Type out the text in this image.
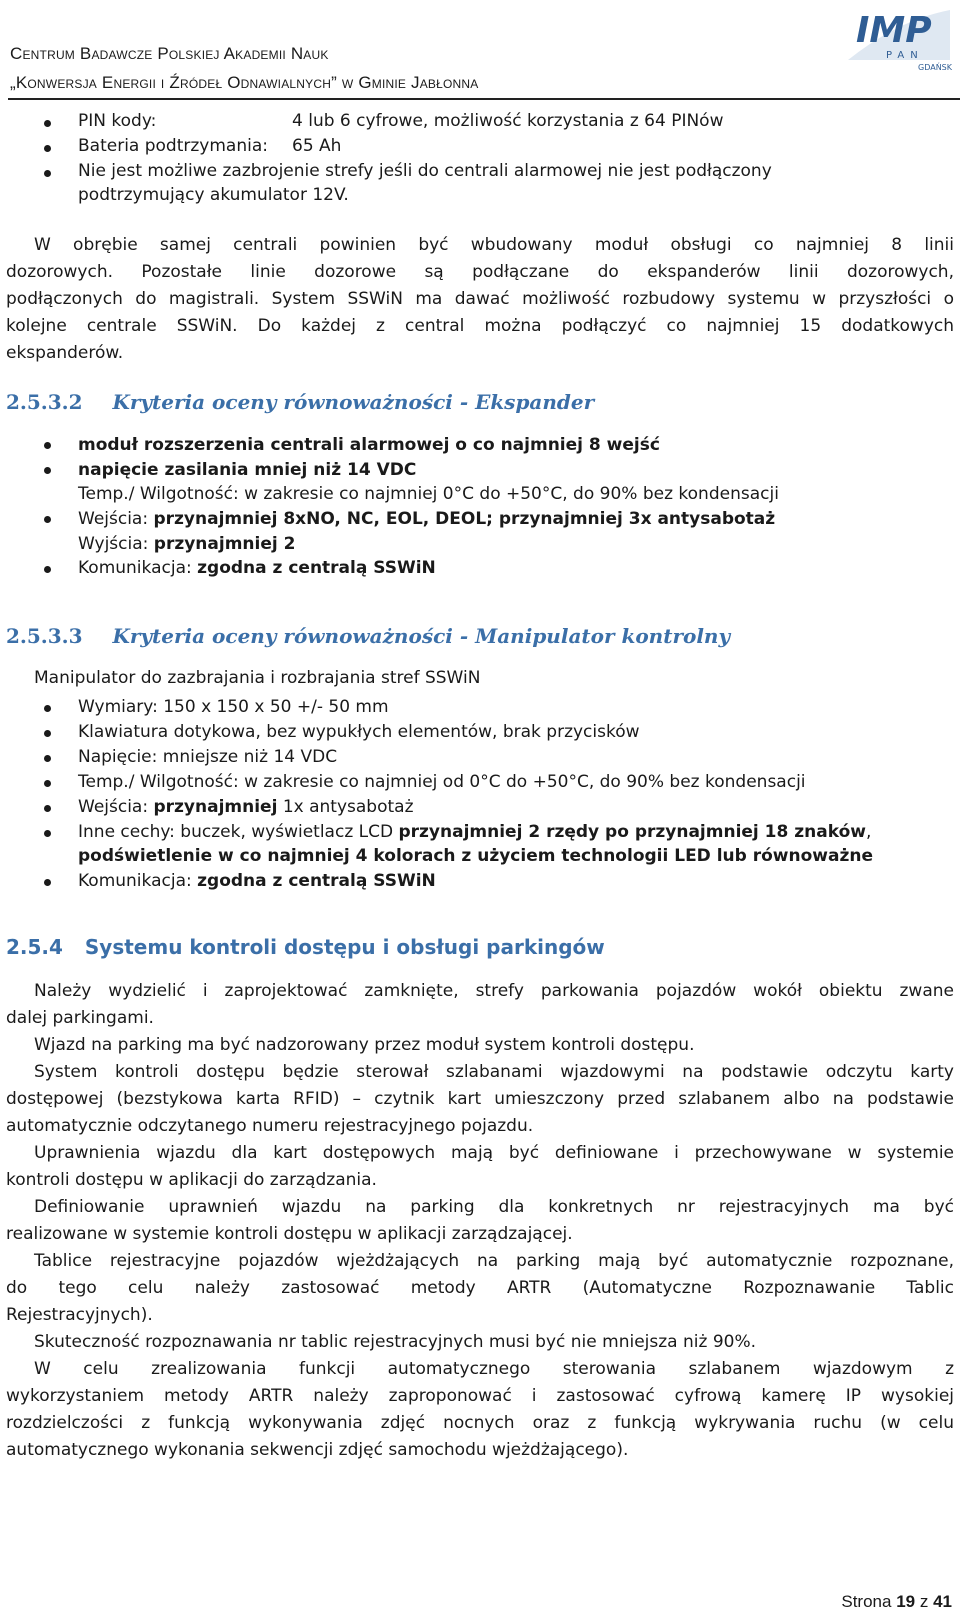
Centrum Badawcze Polskiej Akademii Nauk
„Konwersja Energii i Źródeł Odnawialnych” w Gminie Jabłonna
IMP
PAN
GDAŃSK
PIN kody:	4 lub 6 cyfrowe, możliwość korzystania z 64 PINów
Bateria podtrzymania: 65 Ah
Nie jest możliwe zazbrojenie strefy jeśli do centrali alarmowej nie jest podłączony
podtrzymujący akumulator 12V.
W obrębie samej centrali powinien być wbudowany moduł obsługi co najmniej 8 linii
dozorowych. Pozostałe linie dozorowe są podłączane do ekspanderów linii dozorowych,
podłączonych do magistrali. System SSWiN ma dawać możliwość rozbudowy systemu w przyszłości o
kolejne centrale SSWiN. Do każdej z central można podłączyć co najmniej 15 dodatkowych
ekspanderów.
2.5.3.2 Kryteria oceny równoważności - Ekspander
moduł rozszerzenia centrali alarmowej o co najmniej 8 wejść
napięcie zasilania mniej niż 14 VDC
Temp./ Wilgotność: w zakresie co najmniej 0°C do +50°C, do 90% bez kondensacji
Wejścia: przynajmniej 8xNO, NC, EOL, DEOL; przynajmniej 3x antysabotaż
Wyjścia: przynajmniej 2
Komunikacja: zgodna z centralą SSWiN
2.5.3.3 Kryteria oceny równoważności - Manipulator kontrolny
Manipulator do zazbrajania i rozbrajania stref SSWiN
Wymiary: 150 x 150 x 50 +/- 50 mm
Klawiatura dotykowa, bez wypukłych elementów, brak przycisków
Napięcie: mniejsze niż 14 VDC
Temp./ Wilgotność: w zakresie co najmniej od 0°C do +50°C, do 90% bez kondensacji
Wejścia: przynajmniej 1x antysabotaż
Inne cechy: buczek, wyświetlacz LCD przynajmniej 2 rzędy po przynajmniej 18 znaków,
podświetlenie w co najmniej 4 kolorach z użyciem technologii LED lub równoważne
Komunikacja: zgodna z centralą SSWiN
2.5.4 Systemu kontroli dostępu i obsługi parkingów
Należy wydzielić i zaprojektować zamknięte, strefy parkowania pojazdów wokół obiektu zwane
dalej parkingami.
Wjazd na parking ma być nadzorowany przez moduł system kontroli dostępu.
System kontroli dostępu będzie sterował szlabanami wjazdowymi na podstawie odczytu karty
dostępowej (bezstykowa karta RFID) – czytnik kart umieszczony przed szlabanem albo na podstawie
automatycznie odczytanego numeru rejestracyjnego pojazdu.
Uprawnienia wjazdu dla kart dostępowych mają być definiowane i przechowywane w systemie
kontroli dostępu w aplikacji do zarządzania.
Definiowanie uprawnień wjazdu na parking dla konkretnych nr rejestracyjnych ma być
realizowane w systemie kontroli dostępu w aplikacji zarządzającej.
Tablice rejestracyjne pojazdów wjeżdżających na parking mają być automatycznie rozpoznane,
do tego celu należy zastosować metody ARTR (Automatyczne Rozpoznawanie Tablic
Rejestracyjnych).
Skuteczność rozpoznawania nr tablic rejestracyjnych musi być nie mniejsza niż 90%.
W celu zrealizowania funkcji automatycznego sterowania szlabanem wjazdowym z
wykorzystaniem metody ARTR należy zaproponować i zastosować cyfrową kamerę IP wysokiej
rozdzielczości z funkcją wykonywania zdjęć nocnych oraz z funkcją wykrywania ruchu (w celu
automatycznego wykonania sekwencji zdjęć samochodu wjeżdżającego).
Strona 19 z 41
